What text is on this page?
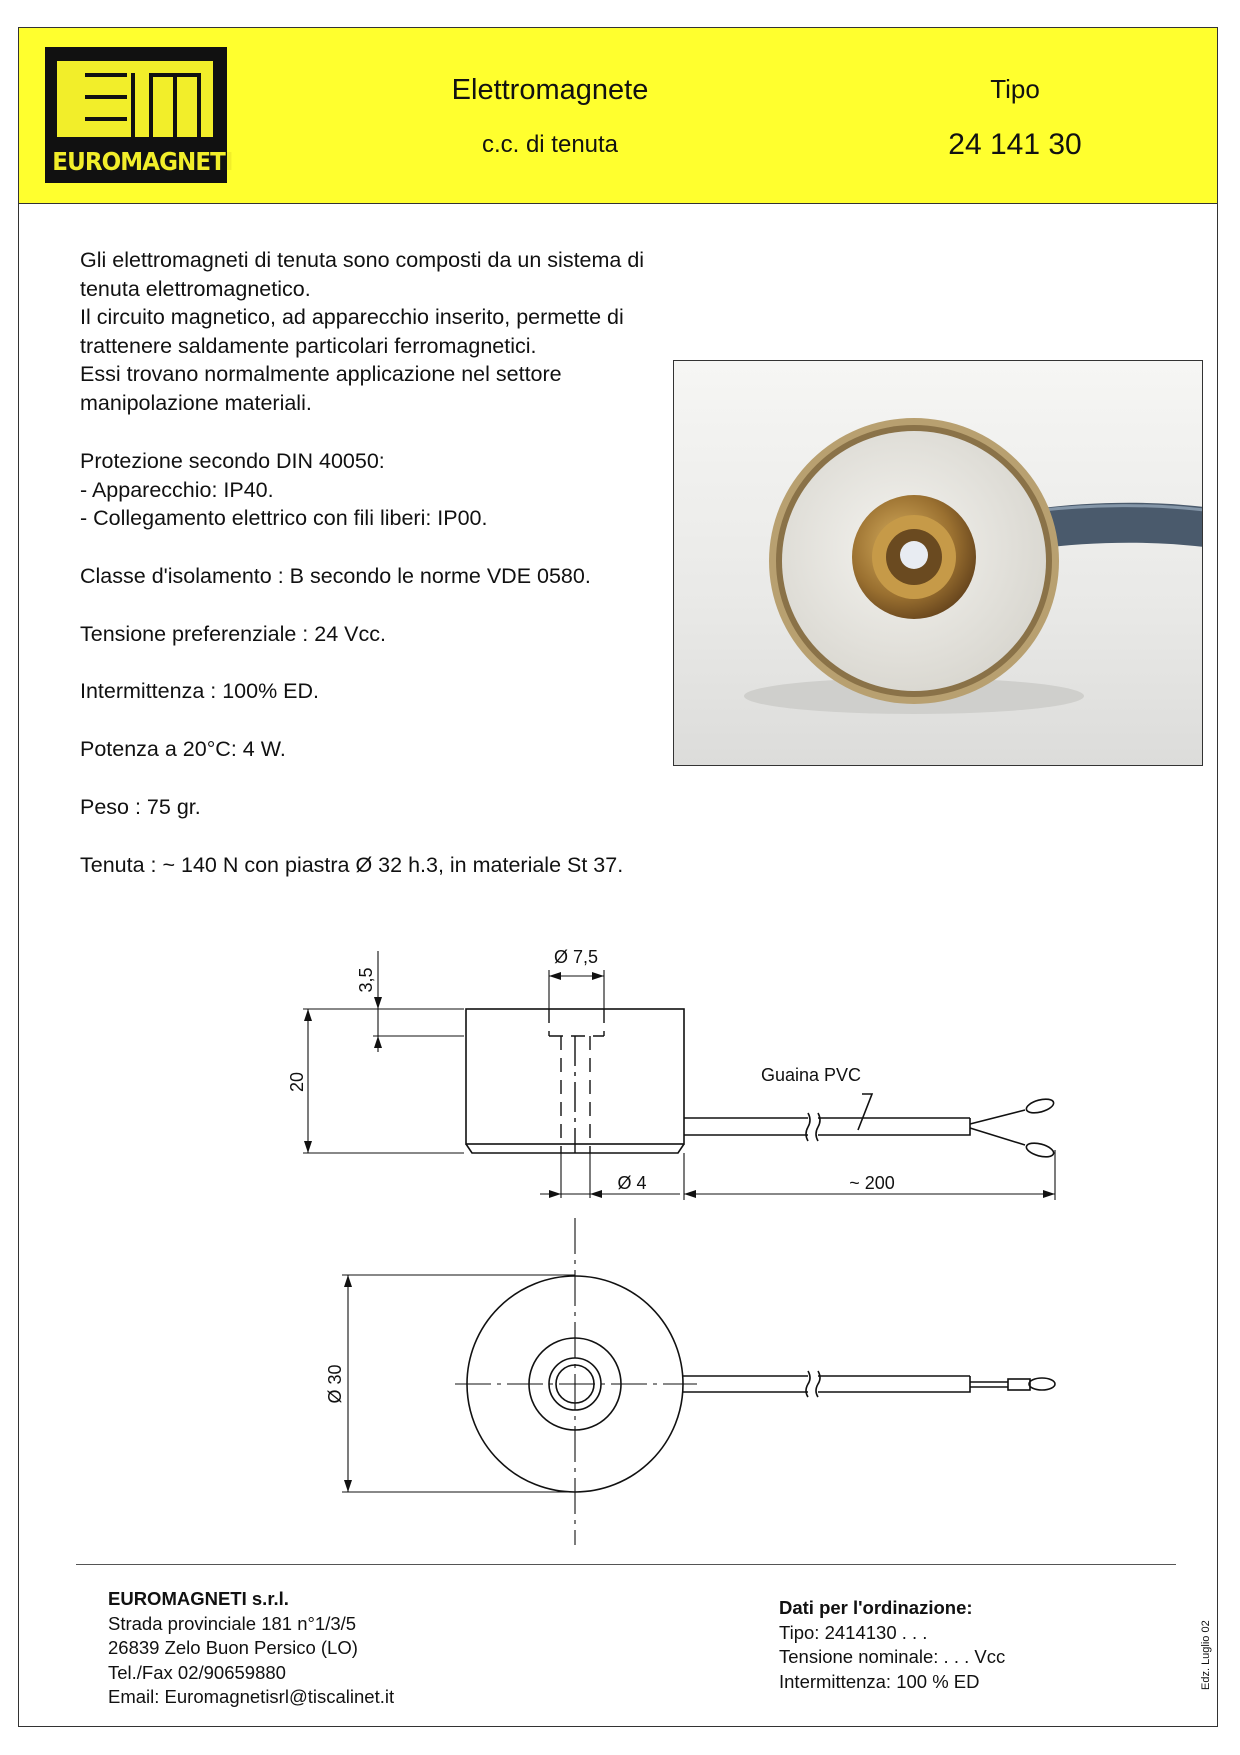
EUROMAGNETI
Elettromagnete
c.c. di tenuta
Tipo
24 141 30
Gli elettromagneti di tenuta sono composti da un sistema di
tenuta elettromagnetico.
Il circuito magnetico, ad apparecchio inserito, permette di
trattenere saldamente particolari ferromagnetici.
Essi trovano normalmente applicazione nel settore
manipolazione materiali.
Protezione secondo DIN 40050:
- Apparecchio: IP40.
- Collegamento elettrico con fili liberi: IP00.
Classe d'isolamento : B secondo le norme VDE 0580.
Tensione preferenziale : 24 Vcc.
Intermittenza : 100% ED.
Potenza a 20°C: 4 W.
Peso : 75 gr.
Tenuta : ~ 140 N con piastra Ø 32 h.3, in materiale St 37.
3,5
Ø 7,5
20	Guaina PVC
Ø 4	~ 200
Ø 30
EUROMAGNETI s.r.l.
Strada provinciale 181 n°1/3/5
26839 Zelo Buon Persico (LO)
Tel./Fax 02/90659880
Email: Euromagnetisrl@tiscalinet.it
Dati per l'ordinazione:
Tipo: 2414130 . . .
Tensione nominale: . . . Vcc
Intermittenza: 100 % ED	Edz. Luglio 02
